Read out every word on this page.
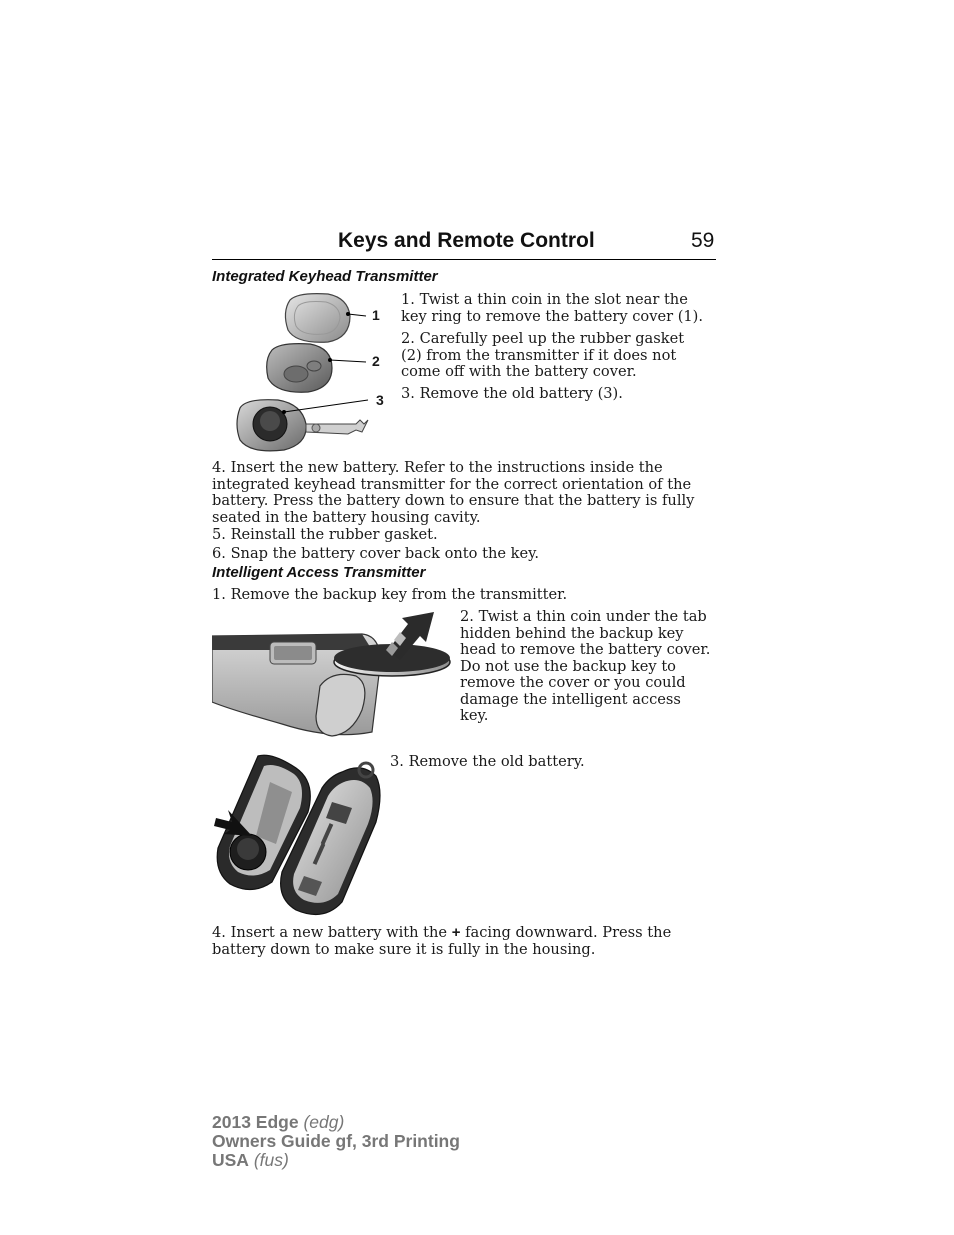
Keys and Remote Control	59
Integrated Keyhead Transmitter
1
2
3

1. Twist a thin coin in the slot near the key ring to remove the battery cover (1).

2. Carefully peel up the rubber gasket (2) from the transmitter if it does not come off with the battery cover.

3. Remove the old battery (3).

4. Insert the new battery. Refer to the instructions inside the integrated keyhead transmitter for the correct orientation of the battery. Press the battery down to ensure that the battery is fully seated in the battery housing cavity.

5. Reinstall the rubber gasket.

6. Snap the battery cover back onto the key.

Intelligent Access Transmitter

1. Remove the backup key from the transmitter.

2. Twist a thin coin under the tab hidden behind the backup key head to remove the battery cover. Do not use the backup key to remove the cover or you could damage the intelligent access key.

3. Remove the old battery.

4. Insert a new battery with the + facing downward. Press the battery down to make sure it is fully in the housing.

2013 Edge (edg)
Owners Guide gf, 3rd Printing
USA (fus)
